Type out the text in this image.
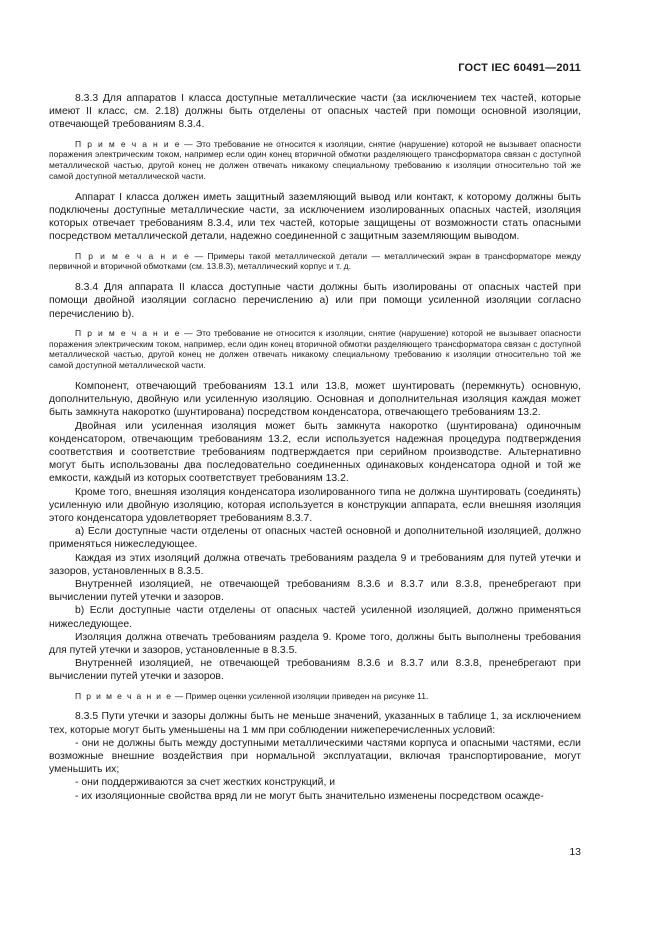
ГОСТ IEC 60491—2011

8.3.3 Для аппаратов I класса доступные металлические части (за исключением тех частей, которые имеют II класс, см. 2.18) должны быть отделены от опасных частей при помощи основной изоляции, отвечающей требованиям 8.3.4.

П р и м е ч а н и е — Это требование не относится к изоляции, снятие (нарушение) которой не вызывает опасности поражения электрическим током, например если один конец вторичной обмотки разделяющего трансформатора связан с доступной металлической частью, другой конец не должен отвечать никакому специальному требованию к изоляции относительно той же самой доступной металлической части.

Аппарат I класса должен иметь защитный заземляющий вывод или контакт, к которому должны быть подключены доступные металлические части, за исключением изолированных опасных частей, изоляция которых отвечает требованиям 8.3.4, или тех частей, которые защищены от возможности стать опасными посредством металлической детали, надежно соединенной с защитным заземляющим выводом.

П р и м е ч а н и е — Примеры такой металлической детали — металлический экран в трансформаторе между первичной и вторичной обмотками (см. 13.8.3), металлический корпус и т. д.

8.3.4 Для аппарата II класса доступные части должны быть изолированы от опасных частей при помощи двойной изоляции согласно перечислению а) или при помощи усиленной изоляции согласно перечислению b).

П р и м е ч а н и е — Это требование не относится к изоляции, снятие (нарушение) которой не вызывает опасности поражения электрическим током, например, если один конец вторичной обмотки разделяющего трансформатора связан с доступной металлической частью, другой конец не должен отвечать никакому специальному требованию к изоляции относительно той же самой доступной металлической части.

Компонент, отвечающий требованиям 13.1 или 13.8, может шунтировать (перемкнуть) основную, дополнительную, двойную или усиленную изоляцию. Основная и дополнительная изоляция каждая может быть замкнута накоротко (шунтирована) посредством конденсатора, отвечающего требованиям 13.2.

Двойная или усиленная изоляция может быть замкнута накоротко (шунтирована) одиночным конденсатором, отвечающим требованиям 13.2, если используется надежная процедура подтверждения соответствия и соответствие требованиям подтверждается при серийном производстве. Альтернативно могут быть использованы два последовательно соединенных одинаковых конденсатора одной и той же емкости, каждый из которых соответствует требованиям 13.2.

Кроме того, внешняя изоляция конденсатора изолированного типа не должна шунтировать (соединять) усиленную или двойную изоляцию, которая используется в конструкции аппарата, если внешняя изоляция этого конденсатора удовлетворяет требованиям 8.3.7.

а) Если доступные части отделены от опасных частей основной и дополнительной изоляцией, должно применяться нижеследующее.

Каждая из этих изоляций должна отвечать требованиям раздела 9 и требованиям для путей утечки и зазоров, установленных в 8.3.5.

Внутренней изоляцией, не отвечающей требованиям 8.3.6 и 8.3.7 или 8.3.8, пренебрегают при вычислении путей утечки и зазоров.

b) Если доступные части отделены от опасных частей усиленной изоляцией, должно применяться нижеследующее.

Изоляция должна отвечать требованиям раздела 9. Кроме того, должны быть выполнены требования для путей утечки и зазоров, установленные в 8.3.5.

Внутренней изоляцией, не отвечающей требованиям 8.3.6 и 8.3.7 или 8.3.8, пренебрегают при вычислении путей утечки и зазоров.

П р и м е ч а н и е — Пример оценки усиленной изоляции приведен на рисунке 11.

8.3.5 Пути утечки и зазоры должны быть не меньше значений, указанных в таблице 1, за исключением тех, которые могут быть уменьшены на 1 мм при соблюдении нижеперечисленных условий:

- они не должны быть между доступными металлическими частями корпуса и опасными частями, если возможные внешние воздействия при нормальной эксплуатации, включая транспортирование, могут уменьшить их;

- они поддерживаются за счет жестких конструкций, и

- их изоляционные свойства вряд ли не могут быть значительно изменены посредством осажде-

13
